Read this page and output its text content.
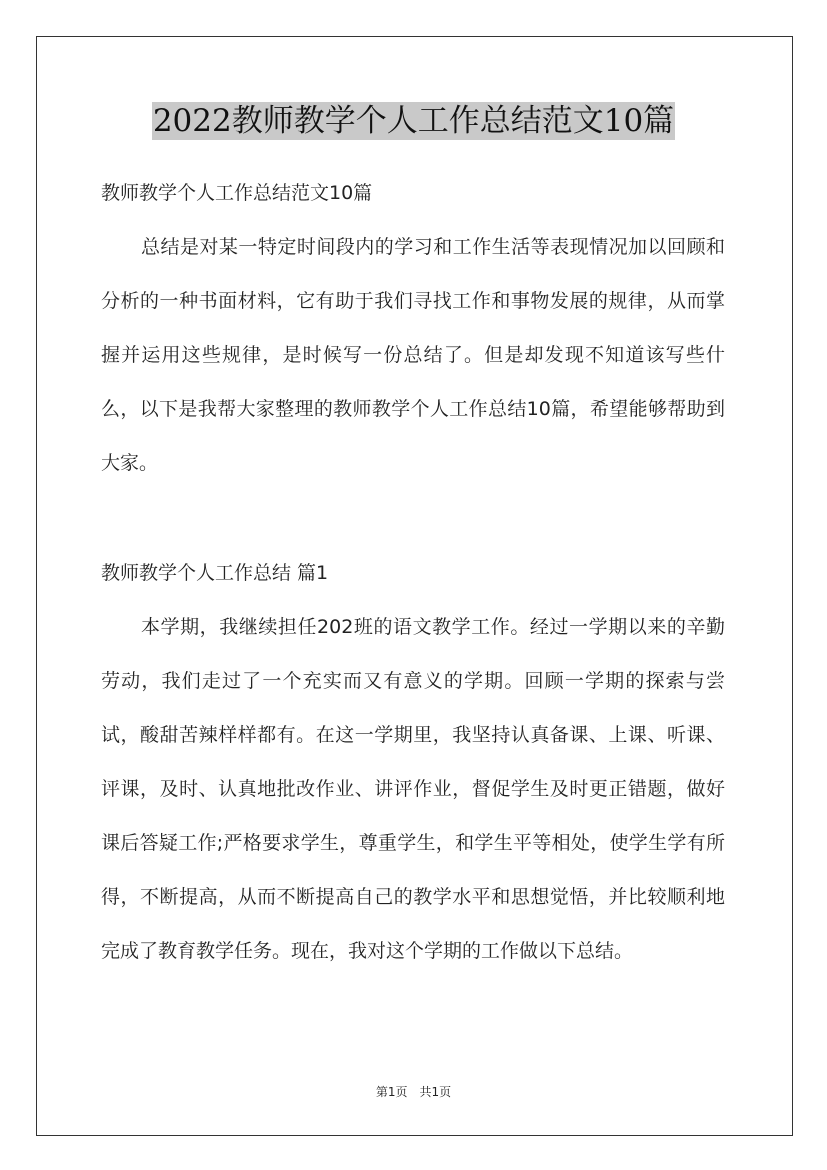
2022教师教学个人工作总结范文10篇

教师教学个人工作总结范文10篇

总结是对某一特定时间段内的学习和工作生活等表现情况加以回顾和分析的一种书面材料，它有助于我们寻找工作和事物发展的规律，从而掌握并运用这些规律，是时候写一份总结了。但是却发现不知道该写些什么，以下是我帮大家整理的教师教学个人工作总结10篇，希望能够帮助到大家。

教师教学个人工作总结 篇1

本学期，我继续担任202班的语文教学工作。经过一学期以来的辛勤劳动，我们走过了一个充实而又有意义的学期。回顾一学期的探索与尝试，酸甜苦辣样样都有。在这一学期里，我坚持认真备课、上课、听课、评课，及时、认真地批改作业、讲评作业，督促学生及时更正错题，做好课后答疑工作;严格要求学生，尊重学生，和学生平等相处，使学生学有所得，不断提高，从而不断提高自己的教学水平和思想觉悟，并比较顺利地完成了教育教学任务。现在，我对这个学期的工作做以下总结。

第1页　共1页
